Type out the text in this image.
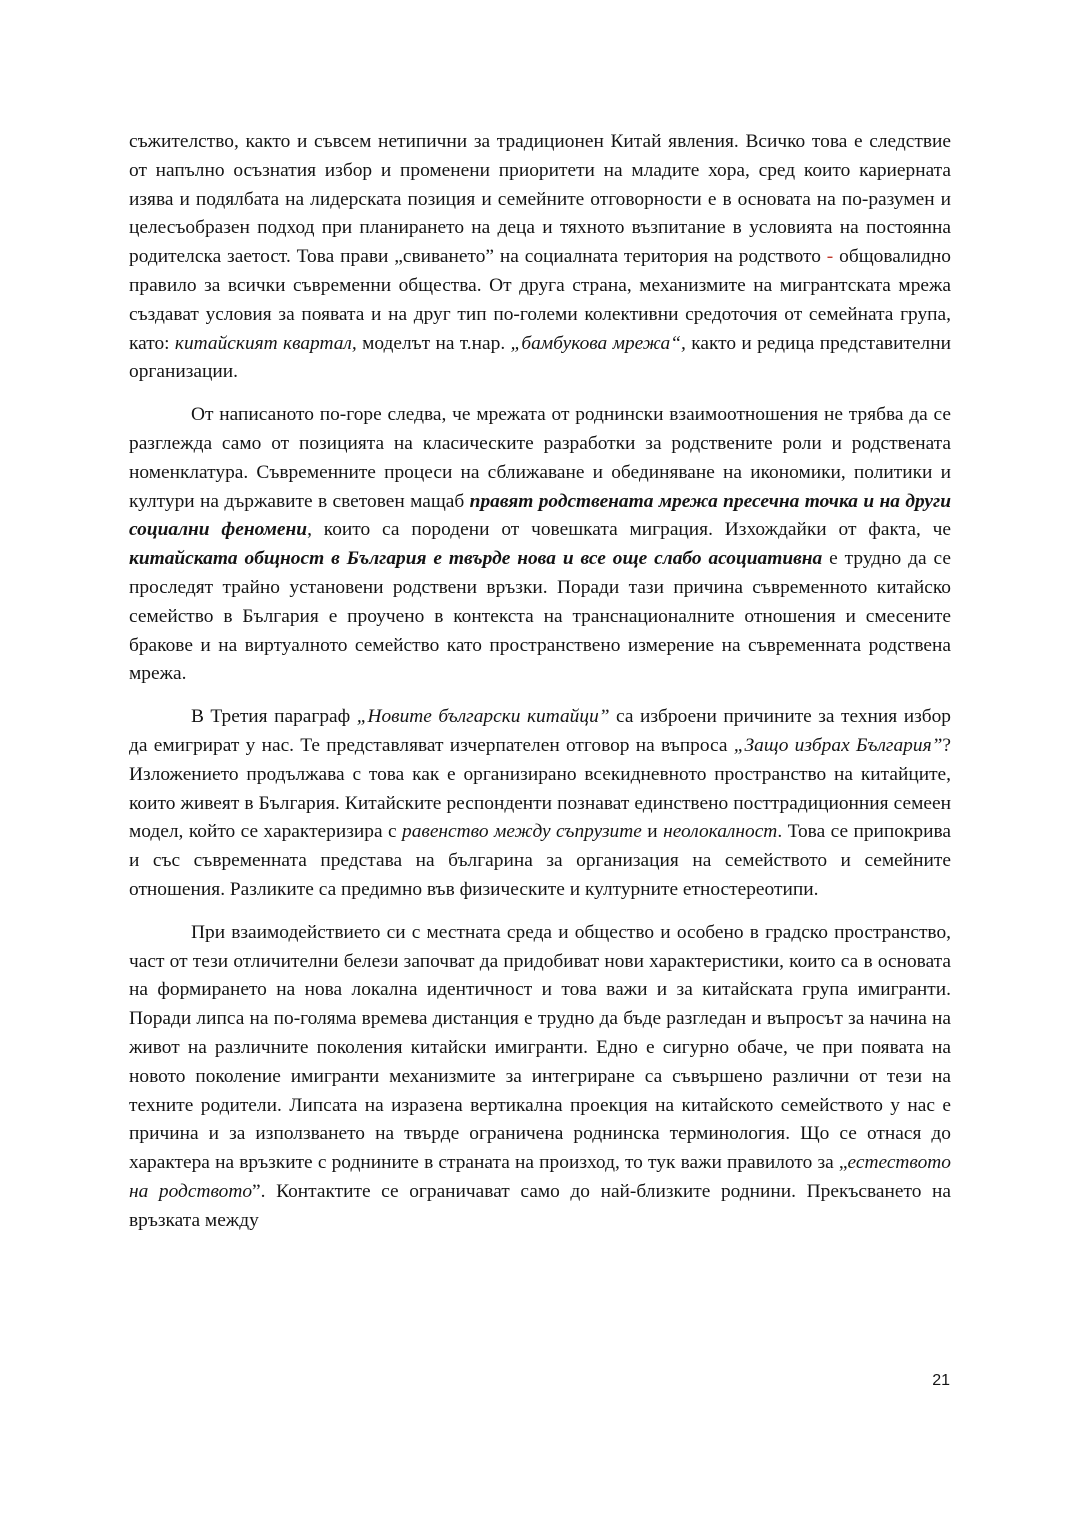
съжителство, както и съвсем нетипични за традиционен Китай явления. Всичко това е следствие от напълно осъзнатия избор и променени приоритети на младите хора, сред които кариерната изява и подялбата на лидерската позиция и семейните отговорности е в основата на по-разумен и целесъобразен подход при планирането на деца и тяхното възпитание в условията на постоянна родителска заетост. Това прави „свиването” на социалната територия на родството - общовалидно правило за всички съвременни общества. От друга страна, механизмите на мигрантската мрежа създават условия за появата и на друг тип по-големи колективни средоточия от семейната група, като: китайският квартал, моделът на т.нар. „бамбукова мрежа“, както и редица представителни организации.

От написаното по-горе следва, че мрежата от роднински взаимоотношения не трябва да се разглежда само от позицията на класическите разработки за родствените роли и родствената номенклатура. Съвременните процеси на сближаване и обединяване на икономики, политики и култури на държавите в световен мащаб правят родствената мрежа пресечна точка и на други социални феномени, които са породени от човешката миграция. Изхождайки от факта, че китайската общност в България е твърде нова и все още слабо асоциативна е трудно да се проследят трайно установени родствени връзки. Поради тази причина съвременното китайско семейство в България е проучено в контекста на транснационалните отношения и смесените бракове и на виртуалното семейство като пространствено измерение на съвременната родствена мрежа.

В Третия параграф „Новите български китайци” са изброени причините за техния избор да емигрират у нас. Те представляват изчерпателен отговор на въпроса „Защо избрах България”? Изложението продължава с това как е организирано всекидневното пространство на китайците, които живеят в България. Китайските респонденти познават единствено посттрадиционния семеен модел, който се характеризира с равенство между съпрузите и неолокалност. Това се припокрива и със съвременната представа на българина за организация на семейството и семейните отношения. Разликите са предимно във физическите и културните етностереотипи.

При взаимодействието си с местната среда и общество и особено в градско пространство, част от тези отличителни белези започват да придобиват нови характеристики, които са в основата на формирането на нова локална идентичност и това важи и за китайската група имигранти. Поради липса на по-голяма времева дистанция е трудно да бъде разгледан и въпросът за начина на живот на различните поколения китайски имигранти. Едно е сигурно обаче, че при появата на новото поколение имигранти механизмите за интегриране са съвършено различни от тези на техните родители. Липсата на изразена вертикална проекция на китайското семейството у нас е причина и за използването на твърде ограничена роднинска терминология. Що се отнася до характера на връзките с роднините в страната на произход, то тук важи правилото за „естеството на родството”. Контактите се ограничават само до най-близките роднини. Прекъсването на връзката между

21
